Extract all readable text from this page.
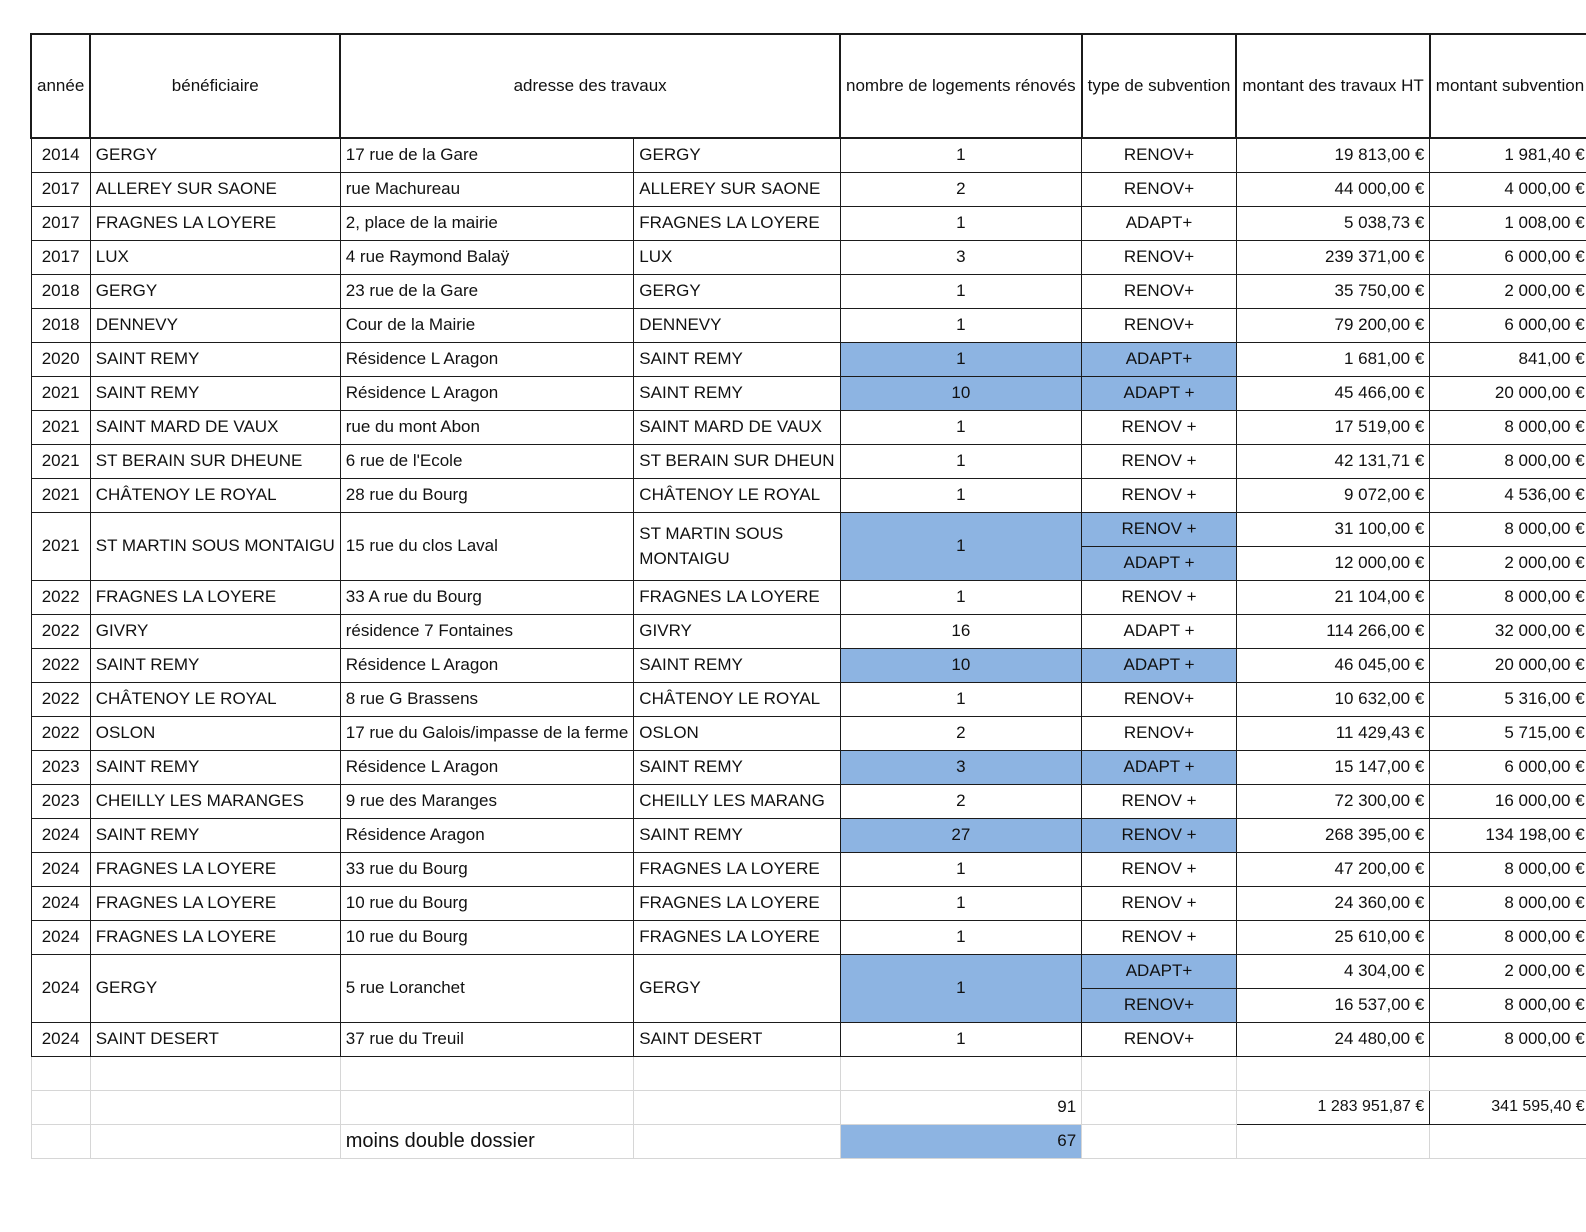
année	bénéficiaire	adresse des travaux		nombre de logements rénovés	type de subvention	montant des travaux HT	montant subvention
2014	GERGY	17 rue de la Gare	GERGY	1	RENOV+	19 813,00 €	1 981,40 €
2017	ALLEREY SUR SAONE	rue Machureau	ALLEREY SUR SAONE	2	RENOV+	44 000,00 €	4 000,00 €
2017	FRAGNES LA LOYERE	2, place de la mairie	FRAGNES LA LOYERE	1	ADAPT+	5 038,73 €	1 008,00 €
2017	LUX	4 rue Raymond Balaÿ	LUX	3	RENOV+	239 371,00 €	6 000,00 €
2018	GERGY	23 rue de la Gare	GERGY	1	RENOV+	35 750,00 €	2 000,00 €
2018	DENNEVY	Cour de la Mairie	DENNEVY	1	RENOV+	79 200,00 €	6 000,00 €
2020	SAINT REMY	Résidence L Aragon	SAINT REMY	1	ADAPT+	1 681,00 €	841,00 €
2021	SAINT REMY	Résidence L Aragon	SAINT REMY	10	ADAPT +	45 466,00 €	20 000,00 €
2021	SAINT MARD DE VAUX	rue du mont Abon	SAINT MARD DE VAUX	1	RENOV +	17 519,00 €	8 000,00 €
2021	ST BERAIN SUR DHEUNE	6 rue de l'Ecole	ST BERAIN SUR DHEUN	1	RENOV +	42 131,71 €	8 000,00 €
2021	CHÂTENOY LE ROYAL	28 rue du Bourg	CHÂTENOY LE ROYAL	1	RENOV +	9 072,00 €	4 536,00 €
2021	ST MARTIN SOUS MONTAIGU	15 rue du clos Laval	ST MARTIN SOUS MONTAIGU	1	RENOV +	31 100,00 €	8 000,00 €
					ADAPT +	12 000,00 €	2 000,00 €
2022	FRAGNES LA LOYERE	33 A rue du Bourg	FRAGNES LA LOYERE	1	RENOV +	21 104,00 €	8 000,00 €
2022	GIVRY	résidence 7 Fontaines	GIVRY	16	ADAPT +	114 266,00 €	32 000,00 €
2022	SAINT REMY	Résidence L Aragon	SAINT REMY	10	ADAPT +	46 045,00 €	20 000,00 €
2022	CHÂTENOY LE ROYAL	8 rue G Brassens	CHÂTENOY LE ROYAL	1	RENOV+	10 632,00 €	5 316,00 €
2022	OSLON	17 rue du Galois/impasse de la ferme	OSLON	2	RENOV+	11 429,43 €	5 715,00 €
2023	SAINT REMY	Résidence L Aragon	SAINT REMY	3	ADAPT +	15 147,00 €	6 000,00 €
2023	CHEILLY LES MARANGES	9 rue des Maranges	CHEILLY LES MARANG	2	RENOV +	72 300,00 €	16 000,00 €
2024	SAINT REMY	Résidence Aragon	SAINT REMY	27	RENOV +	268 395,00 €	134 198,00 €
2024	FRAGNES LA LOYERE	33 rue du Bourg	FRAGNES LA LOYERE	1	RENOV +	47 200,00 €	8 000,00 €
2024	FRAGNES LA LOYERE	10 rue du Bourg	FRAGNES LA LOYERE	1	RENOV +	24 360,00 €	8 000,00 €
2024	FRAGNES LA LOYERE	10 rue du Bourg	FRAGNES LA LOYERE	1	RENOV +	25 610,00 €	8 000,00 €
2024	GERGY	5 rue Loranchet	GERGY	1	ADAPT+	4 304,00 €	2 000,00 €
					RENOV+	16 537,00 €	8 000,00 €
2024	SAINT DESERT	37 rue du Treuil	SAINT DESERT	1	RENOV+	24 480,00 €	8 000,00 €

				91		1 283 951,87 €	341 595,40 €
		moins double dossier		67			
